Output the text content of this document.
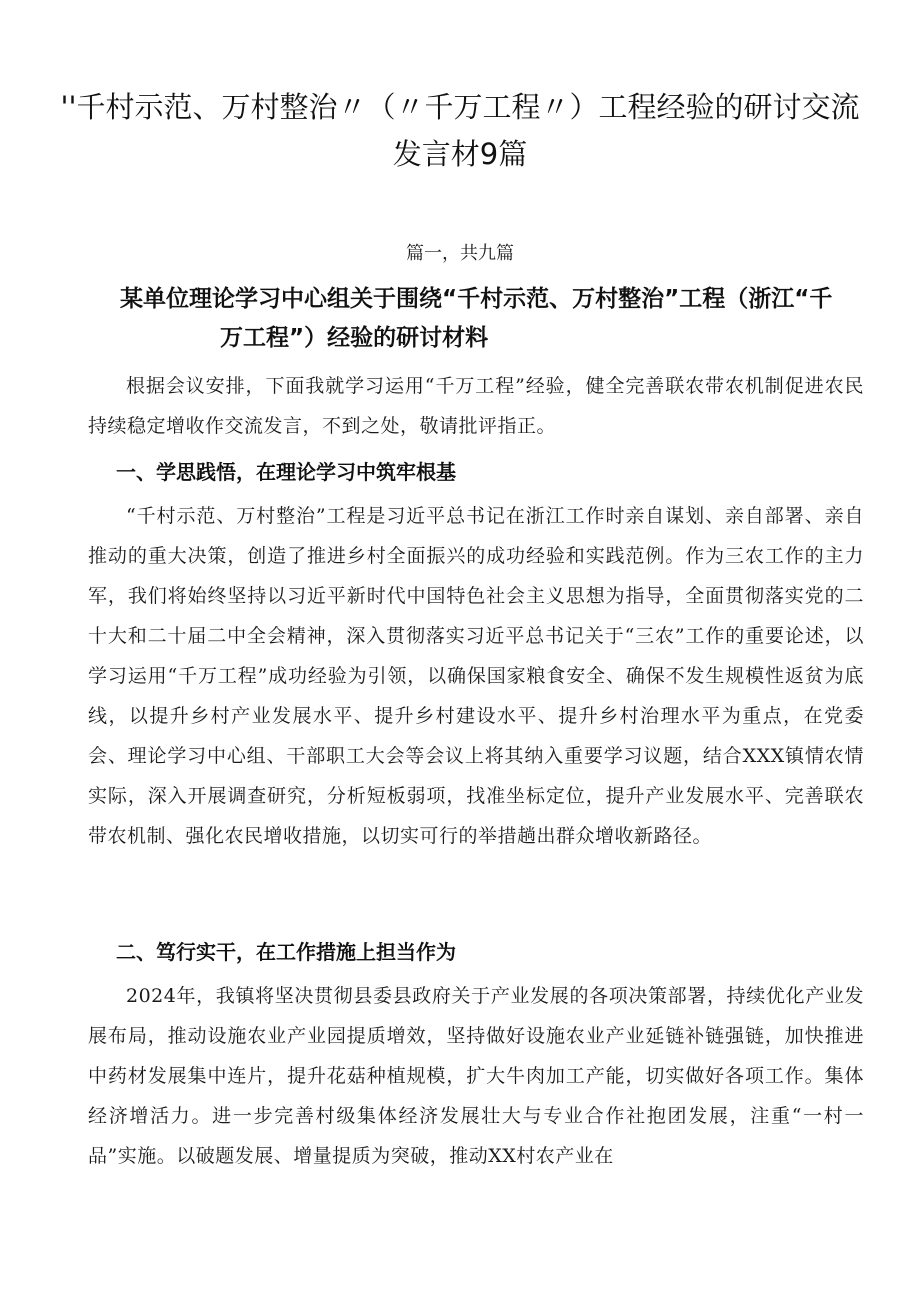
''千村示范、万村整治〃（〃千万工程〃）工程经验的研讨交流发言材9篇

篇一，共九篇

某单位理论学习中心组关于围绕“千村示范、万村整治”工程（浙江“千
万工程”）经验的研讨材料

根据会议安排，下面我就学习运用“千万工程”经验，健全完善联农带农机制促进农民持续稳定增收作交流发言，不到之处，敬请批评指正。

一、学思践悟，在理论学习中筑牢根基

“千村示范、万村整治”工程是习近平总书记在浙江工作时亲自谋划、亲自部署、亲自推动的重大决策，创造了推进乡村全面振兴的成功经验和实践范例。作为三农工作的主力军，我们将始终坚持以习近平新时代中国特色社会主义思想为指导，全面贯彻落实党的二十大和二十届二中全会精神，深入贯彻落实习近平总书记关于“三农”工作的重要论述，以学习运用“千万工程”成功经验为引领，以确保国家粮食安全、确保不发生规模性返贫为底线，以提升乡村产业发展水平、提升乡村建设水平、提升乡村治理水平为重点，在党委会、理论学习中心组、干部职工大会等会议上将其纳入重要学习议题，结合XXX镇情农情实际，深入开展调查研究，分析短板弱项，找准坐标定位，提升产业发展水平、完善联农带农机制、强化农民增收措施，以切实可行的举措趟出群众增收新路径。

二、笃行实干，在工作措施上担当作为

2024年，我镇将坚决贯彻县委县政府关于产业发展的各项决策部署，持续优化产业发展布局，推动设施农业产业园提质增效，坚持做好设施农业产业延链补链强链，加快推进中药材发展集中连片，提升花菇种植规模，扩大牛肉加工产能，切实做好各项工作。集体经济增活力。进一步完善村级集体经济发展壮大与专业合作社抱团发展，注重“一村一品”实施。以破题发展、增量提质为突破，推动XX村农产业在
